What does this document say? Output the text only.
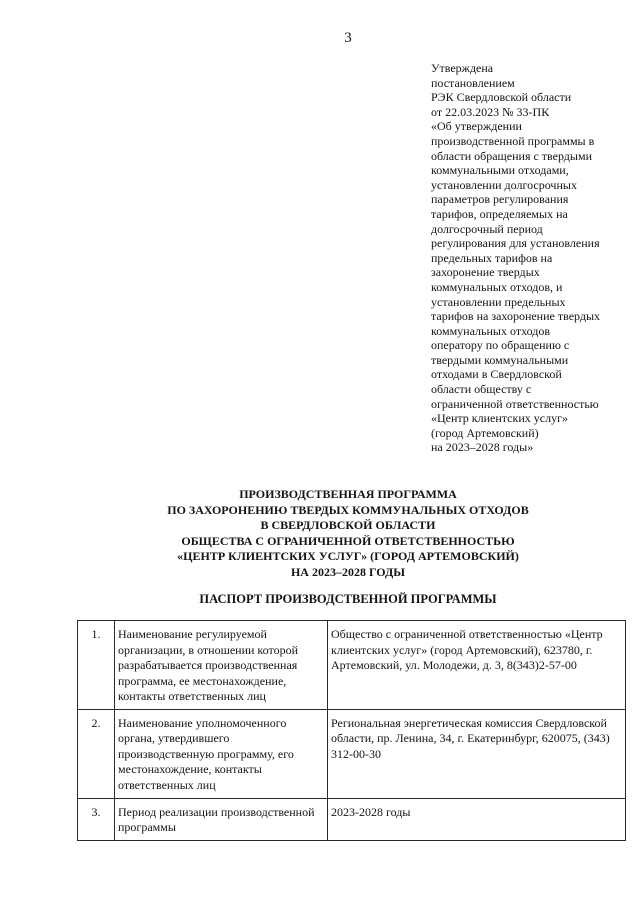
3
Утверждена
постановлением
РЭК Свердловской области
от 22.03.2023 № 33-ПК
«Об утверждении
производственной программы в
области обращения с твердыми
коммунальными отходами,
установлении долгосрочных
параметров регулирования
тарифов, определяемых на
долгосрочный период
регулирования для установления
предельных тарифов на
захоронение твердых
коммунальных отходов, и
установлении предельных
тарифов на захоронение твердых
коммунальных отходов
оператору по обращению с
твердыми коммунальными
отходами в Свердловской
области обществу с
ограниченной ответственностью
«Центр клиентских услуг»
(город Артемовский)
на 2023–2028 годы»
ПРОИЗВОДСТВЕННАЯ ПРОГРАММА
ПО ЗАХОРОНЕНИЮ ТВЕРДЫХ КОММУНАЛЬНЫХ ОТХОДОВ
В СВЕРДЛОВСКОЙ ОБЛАСТИ
ОБЩЕСТВА С ОГРАНИЧЕННОЙ ОТВЕТСТВЕННОСТЬЮ
«ЦЕНТР КЛИЕНТСКИХ УСЛУГ» (ГОРОД АРТЕМОВСКИЙ)
НА 2023–2028 ГОДЫ
ПАСПОРТ ПРОИЗВОДСТВЕННОЙ ПРОГРАММЫ
1.	Наименование регулируемой организации, в отношении которой разрабатывается производственная программа, ее местонахождение, контакты ответственных лиц	Общество с ограниченной ответственностью «Центр клиентских услуг» (город Артемовский), 623780, г. Артемовский, ул. Молодежи, д. 3, 8(343)2-57-00
2.	Наименование уполномоченного органа, утвердившего производственную программу, его местонахождение, контакты ответственных лиц	Региональная энергетическая комиссия Свердловской области, пр. Ленина, 34, г. Екатеринбург, 620075, (343) 312-00-30
3.	Период реализации производственной программы	2023-2028 годы
